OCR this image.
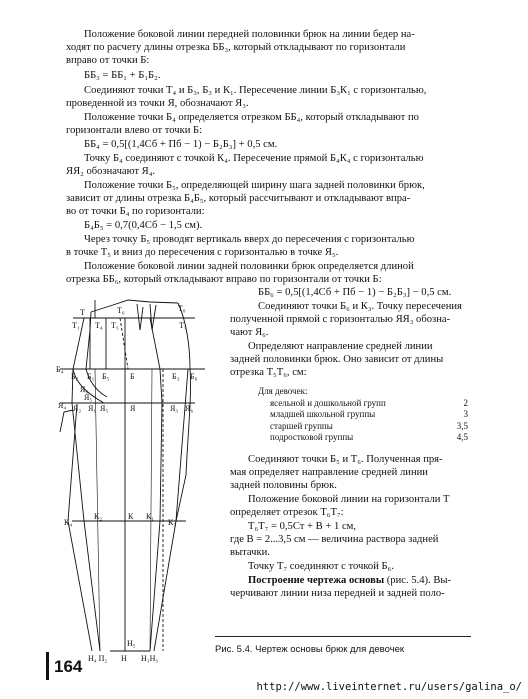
Положение боковой линии передней половинки брюк на линии бедер на-
ходят по расчету длины отрезка ББ₃, который откладывают по горизонтали
вправо от точки Б:
ББ₃ = ББ₁ + Б₁Б₂.
Соединяют точки Т₄ и Б₃, Б₃ и К₁. Пересечение линии Б₃К₁ с горизонталью,
проведенной из точки Я, обозначают Я₃.
Положение точки Б₄ определяется отрезком ББ₄, который откладывают по
горизонтали влево от точки Б:
ББ₄ = 0,5[(1,4Сб + Пб − 1) − Б₂Б₃] + 0,5 см.
Точку Б₄ соединяют с точкой К₄. Пересечение прямой Б₄К₄ с горизонталью
ЯЯ₂ обозначают Я₄.
Положение точки Б₅, определяющей ширину шага задней половинки брюк,
зависит от длины отрезка Б₄Б₅, который рассчитывают и откладывают впра-
во от точки Б₄ по горизонтали:
Б₄Б₅ = 0,7(0,4Сб − 1,5 см).
Через точку Б₅ проводят вертикаль вверх до пересечения с горизонталью
в точке Т₅ и вниз до пересечения с горизонталью в точке Я₅.
Положение боковой линии задней половинки брюк определяется длиной
отрезка ББ₆, который откладывают вправо по горизонтали от точки Б:
ББ₆ = 0,5[(1,4Сб + Пб − 1) − Б₂Б₃] − 0,5 см.
Соединяют точки Б₆ и К₃. Точку пересечения
полученной прямой с горизонталью ЯЯ₃ обозна-
чают Я₆.
Определяют направление средней линии
задней половинки брюк. Оно зависит от длины
отрезка Т₅Т₆, см:
Соединяют точки Б₅ и Т₆. Полученная пря-
мая определяет направление средней линии
задней половины брюк.
Положение боковой линии на горизонтали Т
определяет отрезок Т₆Т₇:
Т₆Т₇ = 0,5Ст + В + 1 см,
где В = 2...3,5 см — величина раствора задней
вытачки.
Точку Т₇ соединяют с точкой Б₆.
Построение чертежа основы (рис. 5.4). Вы-
черчивают линии низа передней и задней поло-
Для девочек:
ясельной и дошкольной групп	2
младшей школьной группы	3
старшей группы	3,5
подростковой группы	4,5
Т
Т₁ Т₄ Т₅
Т₆
Т₇
Т₈
Б₄
Б₂ Б₁ Б₅	Б	Б₃ Б₆
Я₆
Я₅
Я₄ Я₂ Я₁ Я₅	Я	Я₃ Я₆
К₄
К₂	К К₁
К₃
Н₅
Н₄ П₂ Н Н₁Н₃
Рис. 5.4. Чертеж основы брюк для девочек
164
http://www.liveinternet.ru/users/galina_o/
